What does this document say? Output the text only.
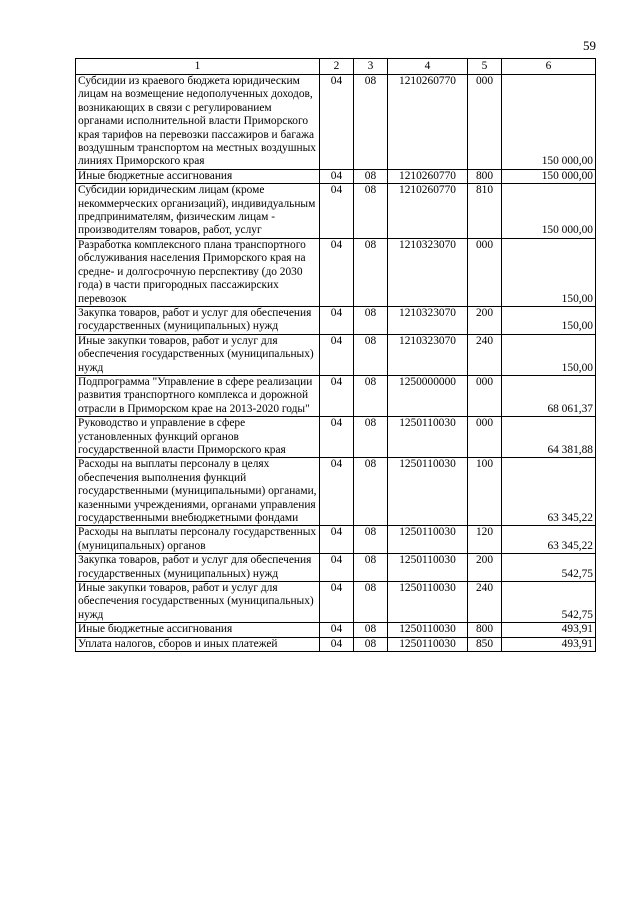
59
1	2	3	4	5	6
Субсидии из краевого бюджета юридическим лицам на возмещение недополученных доходов, возникающих в связи с регулированием органами исполнительной власти Приморского края тарифов на перевозки пассажиров и багажа воздушным транспортом на местных воздушных линиях Приморского края	04	08	1210260770	000	150 000,00
Иные бюджетные ассигнования	04	08	1210260770	800	150 000,00
Субсидии юридическим лицам (кроме некоммерческих организаций), индивидуальным предпринимателям, физическим лицам - производителям товаров, работ, услуг	04	08	1210260770	810	150 000,00
Разработка комплексного плана транспортного обслуживания населения Приморского края на средне- и долгосрочную перспективу (до 2030 года) в части пригородных пассажирских перевозок	04	08	1210323070	000	150,00
Закупка товаров, работ и услуг для обеспечения государственных (муниципальных) нужд	04	08	1210323070	200	150,00
Иные закупки товаров, работ и услуг для обеспечения государственных (муниципальных) нужд	04	08	1210323070	240	150,00
Подпрограмма "Управление в сфере реализации развития транспортного комплекса и дорожной отрасли в Приморском крае на 2013-2020 годы"	04	08	1250000000	000	68 061,37
Руководство и управление в сфере установленных функций органов государственной власти Приморского края	04	08	1250110030	000	64 381,88
Расходы на выплаты персоналу в целях обеспечения выполнения функций государственными (муниципальными) органами, казенными учреждениями, органами управления государственными внебюджетными фондами	04	08	1250110030	100	63 345,22
Расходы на выплаты персоналу государственных (муниципальных) органов	04	08	1250110030	120	63 345,22
Закупка товаров, работ и услуг для обеспечения государственных (муниципальных) нужд	04	08	1250110030	200	542,75
Иные закупки товаров, работ и услуг для обеспечения государственных (муниципальных) нужд	04	08	1250110030	240	542,75
Иные бюджетные ассигнования	04	08	1250110030	800	493,91
Уплата налогов, сборов и иных платежей	04	08	1250110030	850	493,91
